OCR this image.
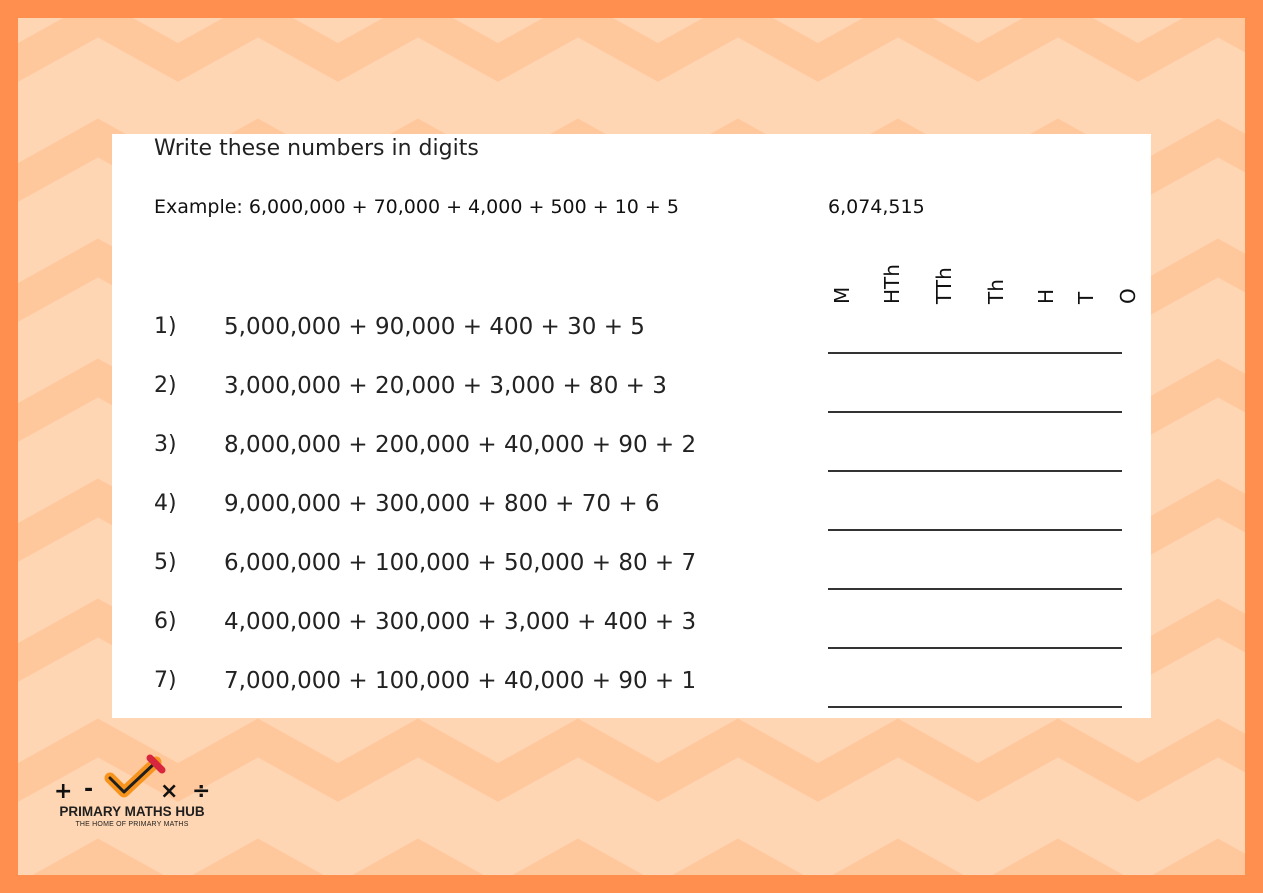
Write these numbers in digits
Example: 6,000,000 + 70,000 + 4,000 + 500 + 10 + 5	6,074,515
M HTh TTh Th H T O
1) 5,000,000 + 90,000 + 400 + 30 + 5
2) 3,000,000 + 20,000 + 3,000 + 80 + 3
3) 8,000,000 + 200,000 + 40,000 + 90 + 2
4) 9,000,000 + 300,000 + 800 + 70 + 6
5) 6,000,000 + 100,000 + 50,000 + 80 + 7
6) 4,000,000 + 300,000 + 3,000 + 400 + 3
7) 7,000,000 + 100,000 + 40,000 + 90 + 1
+ -	× ÷
PRIMARY MATHS HUB
THE HOME OF PRIMARY MATHS
